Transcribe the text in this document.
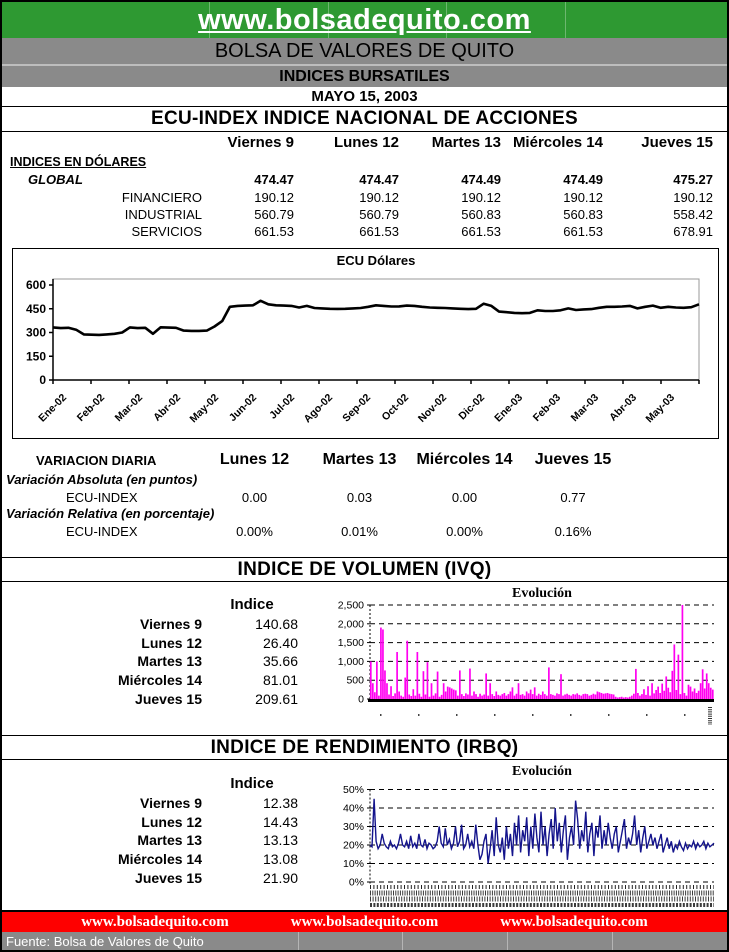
www.bolsadequito.com
BOLSA DE VALORES DE QUITO
INDICES BURSATILES
MAYO 15, 2003
ECU-INDEX INDICE NACIONAL DE ACCIONES
Viernes 9	Lunes 12	Martes 13 Miércoles 14	Jueves 15
INDICES EN DÓLARES
GLOBAL	474.47	474.47	474.49	474.49	475.27
FINANCIERO	190.12	190.12	190.12	190.12	190.12
INDUSTRIAL	560.79	560.79	560.83	560.83	558.42
SERVICIOS	661.53	661.53	661.53	661.53	678.91
ECU Dólares
0
150
300
450
600
Ene-02 Feb-02 Mar-02 Abr-02 May-02 Jun-02 Jul-02 Ago-02 Sep-02 Oct-02 Nov-02 Dic-02 Ene-03 Feb-03 Mar-03 Abr-03 May-03
VARIACION DIARIA	Lunes 12	Martes 13	Miércoles 14	Jueves 15
Variación Absoluta (en puntos)
ECU-INDEX	0.00	0.03	0.00	0.77
Variación Relativa (en porcentaje)
ECU-INDEX	0.00%	0.01%	0.00%	0.16%
INDICE DE VOLUMEN (IVQ)
Indice
Viernes 9	140.68
Lunes 12	26.40
Martes 13	35.66
Miércoles 14	81.01
Jueves 15	209.61
Evolución
0
500
1,000
1,500
2,000
2,500
INDICE DE RENDIMIENTO (IRBQ)
Indice
Viernes 9	12.38
Lunes 12	14.43
Martes 13	13.13
Miércoles 14	13.08
Jueves 15	21.90
Evolución
0%
10%
20%
30%
40%
50%
www.bolsadequito.com	www.bolsadequito.com	www.bolsadequito.com
Fuente: Bolsa de Valores de Quito
